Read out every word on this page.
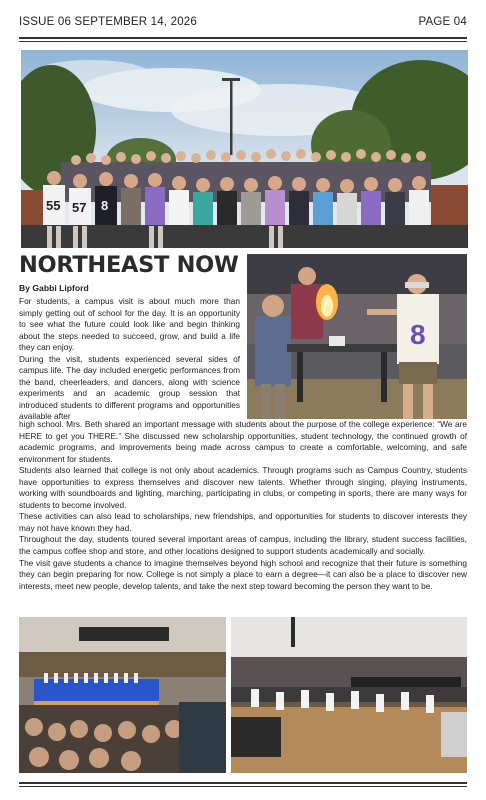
ISSUE 06 SEPTEMBER 14, 2026	PAGE 04
55 57 8
NORTHEAST NOW
By Gabbi Lipford
8

For students, a campus visit is about much more than simply getting out of school for the day. It is an opportunity to see what the future could look like and begin thinking about the steps needed to succeed, grow, and build a life they can enjoy.

During the visit, students experienced several sides of campus life. The day included energetic performances from the band, cheerleaders, and dancers, along with science experiments and an academic group session that introduced students to different programs and opportunities available after

high school. Mrs. Beth shared an important message with students about the purpose of the college experience: “We are HERE to get you THERE.” She discussed new scholarship opportunities, student technology, the continued growth of academic programs, and improvements being made across campus to create a comfortable, welcoming, and safe environment for students.

Students also learned that college is not only about academics. Through programs such as Campus Country, students have opportunities to express themselves and discover new talents. Whether through singing, playing instruments, working with soundboards and lighting, marching, participating in clubs, or competing in sports, there are many ways for students to become involved.

These activities can also lead to scholarships, new friendships, and opportunities for students to discover interests they may not have known they had.

Throughout the day, students toured several important areas of campus, including the library, student success facilities, the campus coffee shop and store, and other locations designed to support students academically and socially.

The visit gave students a chance to imagine themselves beyond high school and recognize that their future is something they can begin preparing for now. College is not simply a place to earn a degree—it can also be a place to discover new interests, meet new people, develop talents, and take the next step toward becoming the person they want to be.
